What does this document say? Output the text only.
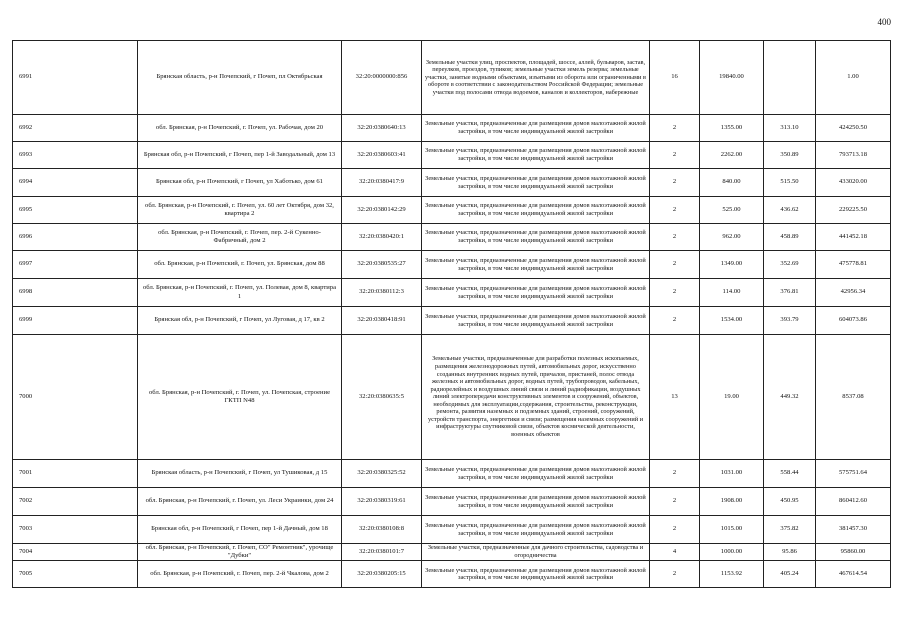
400
6991	Брянская область, р-н Почепский, г Почеп, пл Октябрьская	32:20:0000000:856	Земельные участки улиц, проспектов, площадей, шоссе, аллей, бульваров, застав, переулков, проездов, тупиков; земельные участки земель резерва; земельные участки, занятые водными объектами, изъятыми из оборота или ограниченными в обороте в соответствии с законодательством Российской Федерации; земельные участки под полосами отвода водоемов, каналов и коллекторов, набережные	16	19840.00		1.00
6992	обл. Брянская, р-н Почепский, г. Почеп, ул. Рабочая, дом 20	32:20:0380640:13	Земельные участки, предназначенные для размещения домов малоэтажной жилой застройки, в том числе индивидуальной жилой застройки	2	1355.00	313.10	424250.50
6993	Брянская обл, р-н Почепский, г Почеп, пер 1-й Заводальный, дом 13	32:20:0380603:41	Земельные участки, предназначенные для размещения домов малоэтажной жилой застройки, в том числе индивидуальной жилой застройки	2	2262.00	350.89	793713.18
6994	Брянская обл, р-н Почепский, г Почеп, ул Хаботько, дом 61	32:20:0380417:9	Земельные участки, предназначенные для размещения домов малоэтажной жилой застройки, в том числе индивидуальной жилой застройки	2	840.00	515.50	433020.00
6995	обл. Брянская, р-н Почепский, г. Почеп, ул. 60 лет Октября, дом 32, квартира 2	32:20:0380142:29	Земельные участки, предназначенные для размещения домов малоэтажной жилой застройки, в том числе индивидуальной жилой застройки	2	525.00	436.62	229225.50
6996	обл. Брянская, р-н Почепский, г. Почеп, пер. 2-й Сукенно-Фабричный, дом 2	32:20:0380420:1	Земельные участки, предназначенные для размещения домов малоэтажной жилой застройки, в том числе индивидуальной жилой застройки	2	962.00	458.89	441452.18
6997	обл. Брянская, р-н Почепский, г. Почеп, ул. Брянская, дом 88	32:20:0380535:27	Земельные участки, предназначенные для размещения домов малоэтажной жилой застройки, в том числе индивидуальной жилой застройки	2	1349.00	352.69	475778.81
6998	обл. Брянская, р-н Почепский, г. Почеп, ул. Полевая, дом 8, квартира 1	32:20:0380112:3	Земельные участки, предназначенные для размещения домов малоэтажной жилой застройки, в том числе индивидуальной жилой застройки	2	114.00	376.81	42956.34
6999	Брянская обл, р-н Почепский, г Почеп, ул Луговая, д 17, кв 2	32:20:0380418:91	Земельные участки, предназначенные для размещения домов малоэтажной жилой застройки, в том числе индивидуальной жилой застройки	2	1534.00	393.79	604073.86
7000	обл. Брянская, р-н Почепский, г. Почеп, ул. Почепская, строение ГКТП N48	32:20:0380635:5	Земельные участки, предназначенные для разработки полезных ископаемых, размещения железнодорожных путей, автомобильных дорог, искусственно созданных внутренних водных путей, причалов, пристаней, полос отвода железных и автомобильных дорог, водных путей, трубопроводов, кабельных, радиорелейных и воздушных линий связи и линий радиофикации, воздушных линий электропередачи конструктивных элементов и сооружений, объектов, необходимых для эксплуатации,содержания, строительства, реконструкции, ремонта, развития наземных и подземных зданий, строений, сооружений, устройств транспорта, энергетики и связи; размещения наземных сооружений и инфраструктуры спутниковой связи, объектов космической деятельности, военных объектов	13	19.00	449.32	8537.08
7001	Брянская область, р-н Почепский, г Почеп, ул Тушиковая, д 15	32:20:0380325:52	Земельные участки, предназначенные для размещения домов малоэтажной жилой застройки, в том числе индивидуальной жилой застройки	2	1031.00	558.44	575751.64
7002	обл. Брянская, р-н Почепский, г. Почеп, ул. Леси Украинки, дом 24	32:20:0380319:61	Земельные участки, предназначенные для размещения домов малоэтажной жилой застройки, в том числе индивидуальной жилой застройки	2	1908.00	450.95	860412.60
7003	Брянская обл, р-н Почепский, г Почеп, пер 1-й Дачный, дом 18	32:20:0380108:8	Земельные участки, предназначенные для размещения домов малоэтажной жилой застройки, в том числе индивидуальной жилой застройки	2	1015.00	375.82	381457.30
7004	обл. Брянская, р-н Почепский, г. Почеп, СО" Ремонтник", урочище "Дубки"	32:20:0380101:7	Земельные участки, предназначенные для дачного строительства, садоводства и огородничества	4	1000.00	95.86	95860.00
7005	обл. Брянская, р-н Почепский, г. Почеп, пер. 2-й Чкалова, дом 2	32:20:0380205:15	Земельные участки, предназначенные для размещения домов малоэтажной жилой застройки, в том числе индивидуальной жилой застройки	2	1153.92	405.24	467614.54
